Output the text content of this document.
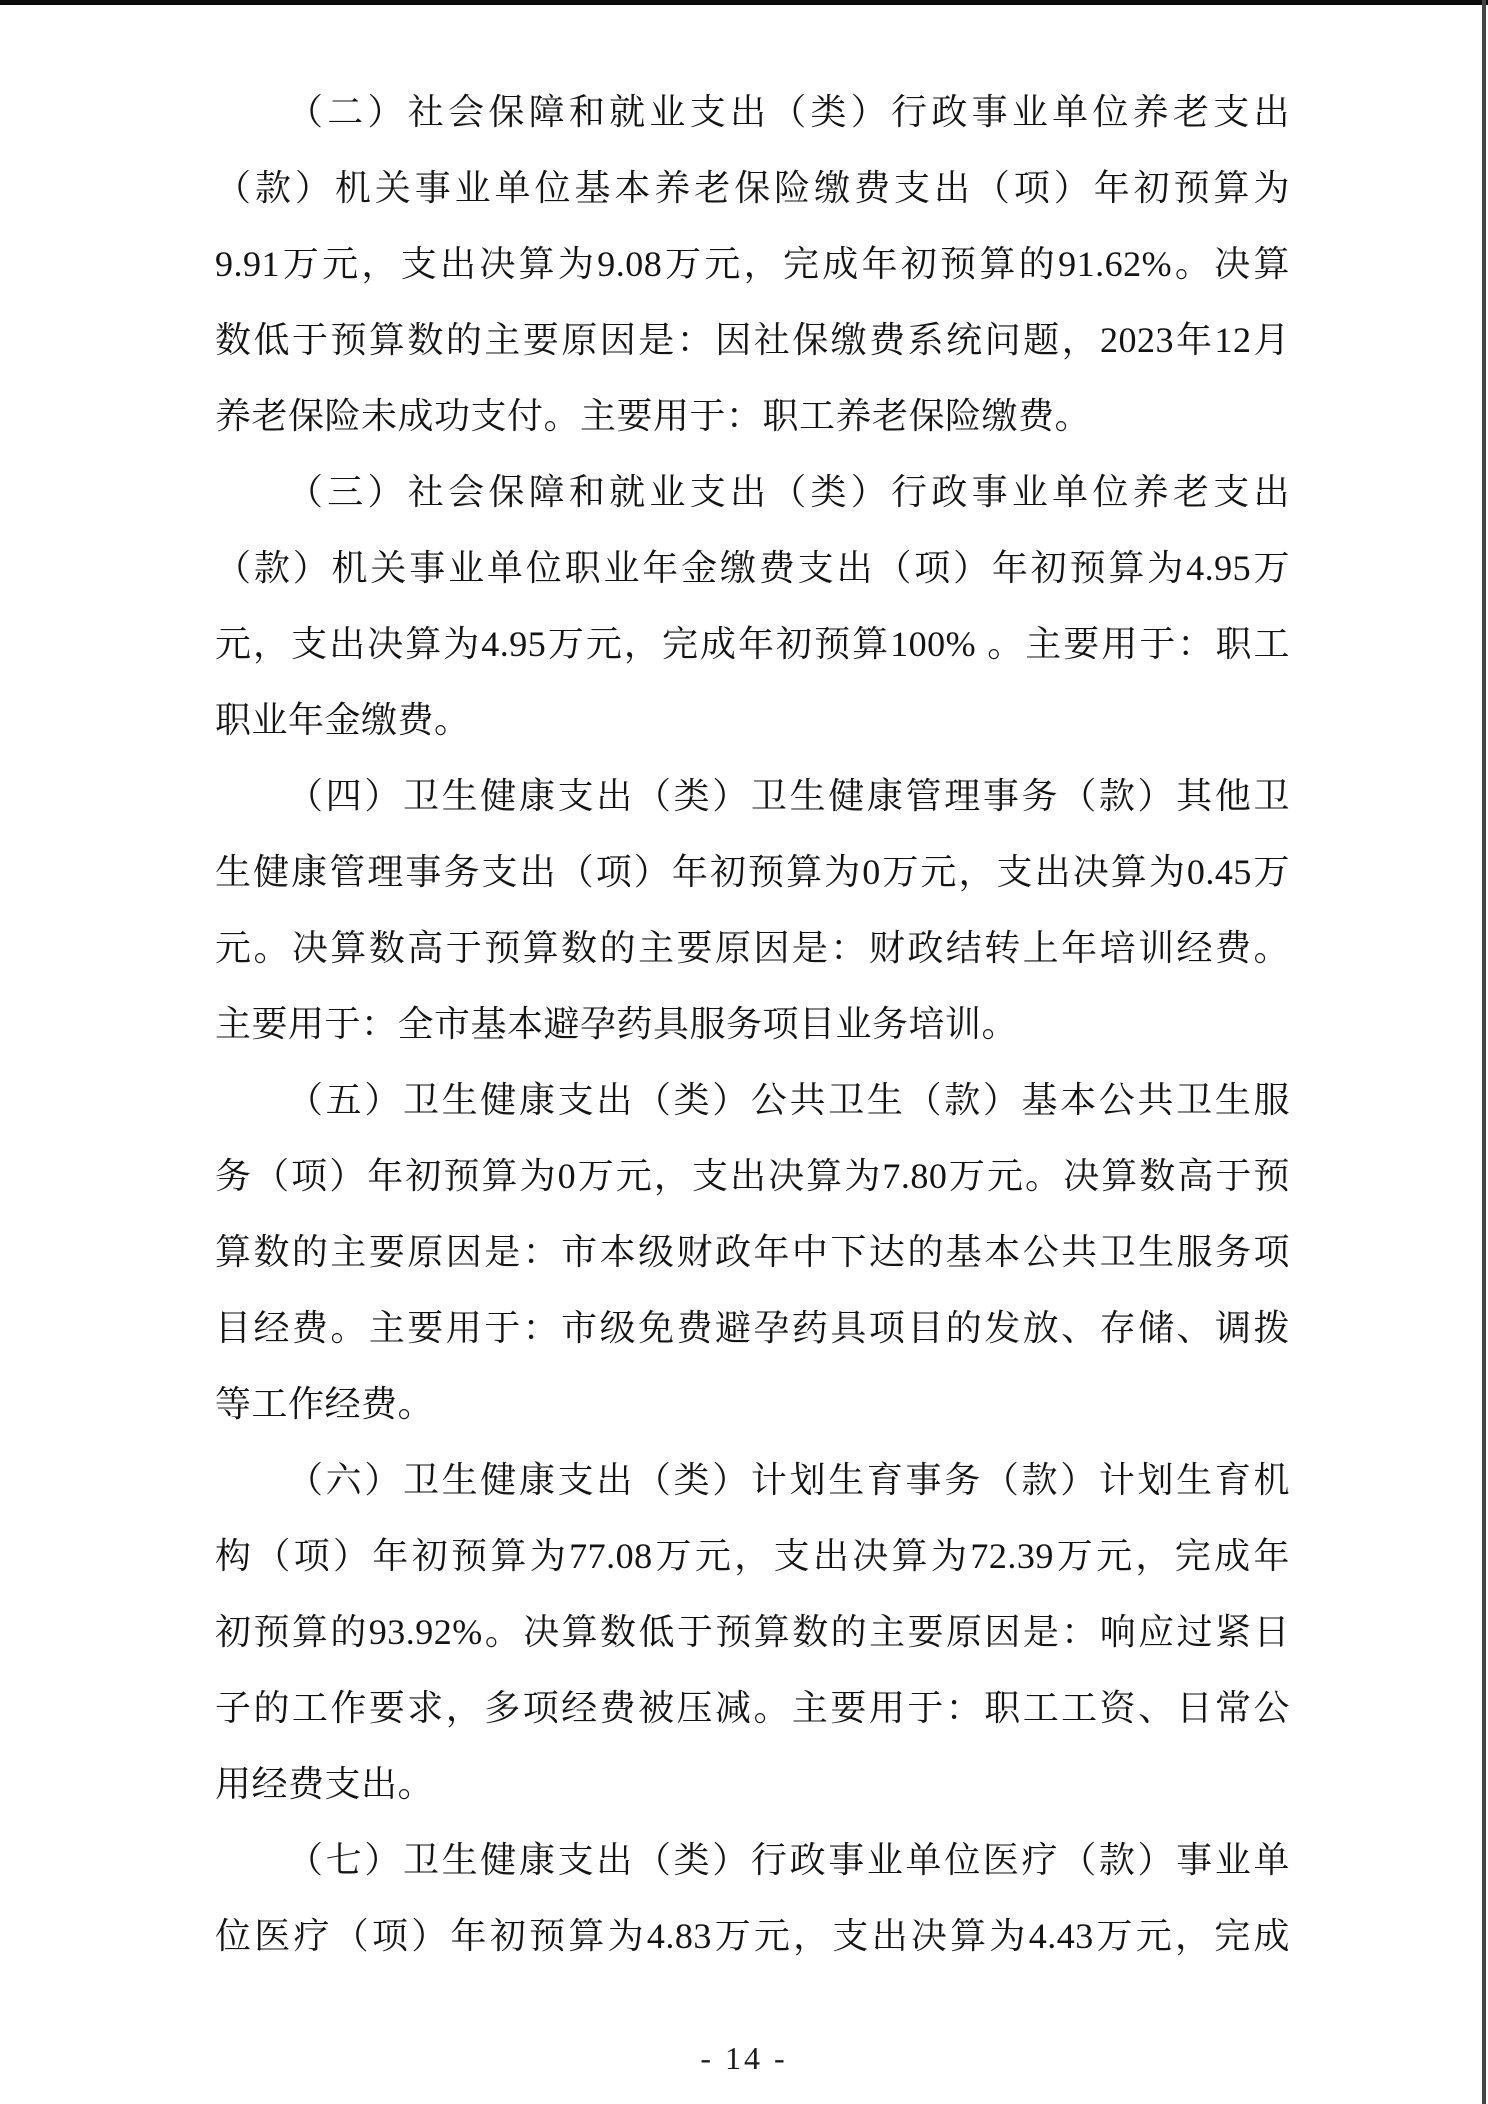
（二）社会保障和就业支出（类）行政事业单位养老支出
（款）机关事业单位基本养老保险缴费支出（项）年初预算为
9.91万元，支出决算为9.08万元，完成年初预算的91.62%。决算
数低于预算数的主要原因是：因社保缴费系统问题，2023年12月
养老保险未成功支付。主要用于：职工养老保险缴费。
（三）社会保障和就业支出（类）行政事业单位养老支出
（款）机关事业单位职业年金缴费支出（项）年初预算为4.95万
元，支出决算为4.95万元，完成年初预算100% 。主要用于：职工
职业年金缴费。
（四）卫生健康支出（类）卫生健康管理事务（款）其他卫
生健康管理事务支出（项）年初预算为0万元，支出决算为0.45万
元。决算数高于预算数的主要原因是：财政结转上年培训经费。
主要用于：全市基本避孕药具服务项目业务培训。
（五）卫生健康支出（类）公共卫生（款）基本公共卫生服
务（项）年初预算为0万元，支出决算为7.80万元。决算数高于预
算数的主要原因是：市本级财政年中下达的基本公共卫生服务项
目经费。主要用于：市级免费避孕药具项目的发放、存储、调拨
等工作经费。
（六）卫生健康支出（类）计划生育事务（款）计划生育机
构（项）年初预算为77.08万元，支出决算为72.39万元，完成年
初预算的93.92%。决算数低于预算数的主要原因是：响应过紧日
子的工作要求，多项经费被压减。主要用于：职工工资、日常公
用经费支出。
（七）卫生健康支出（类）行政事业单位医疗（款）事业单
位医疗（项）年初预算为4.83万元，支出决算为4.43万元，完成
- 14 -
